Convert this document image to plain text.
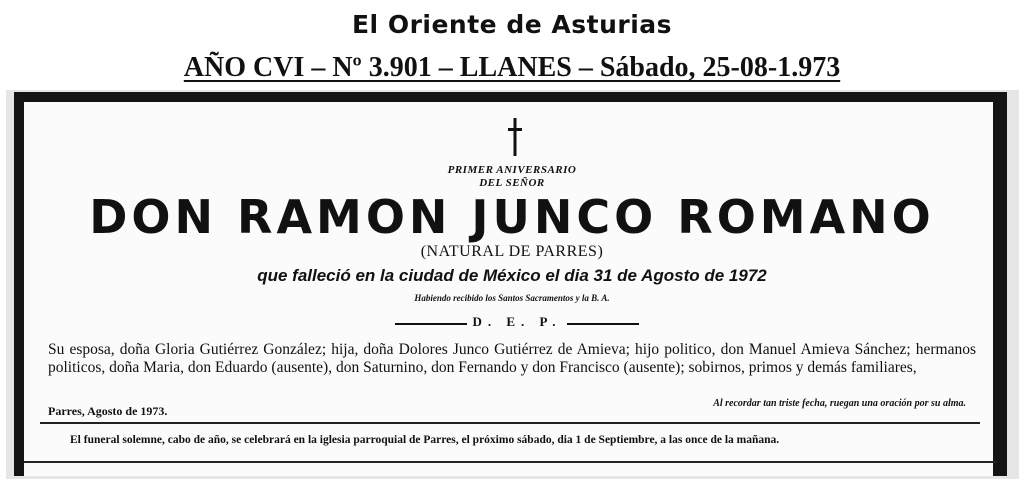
El Oriente de Asturias
AÑO CVI – Nº 3.901 – LLANES – Sábado, 25-08-1.973
PRIMER ANIVERSARIO
DEL SEÑOR
DON RAMON JUNCO ROMANO
(NATURAL DE PARRES)
que falleció en la ciudad de México el dia 31 de Agosto de 1972
Habiendo recibido los Santos Sacramentos y la B. A.
D. E. P.
Su esposa, doña Gloria Gutiérrez González; hija, doña Dolores Junco Gutiérrez de Amieva; hijo politico, don Manuel Amieva Sánchez; hermanos politicos, doña Maria, don Eduardo (ausente), don Saturnino, don Fernando y don Francisco (ausente); sobirnos, primos y demás familiares,
Parres, Agosto de 1973.
Al recordar tan triste fecha, ruegan una oración por su alma.
El funeral solemne, cabo de año, se celebrará en la iglesia parroquial de Parres, el próximo sábado, dia 1 de Septiembre, a las once de la mañana.
